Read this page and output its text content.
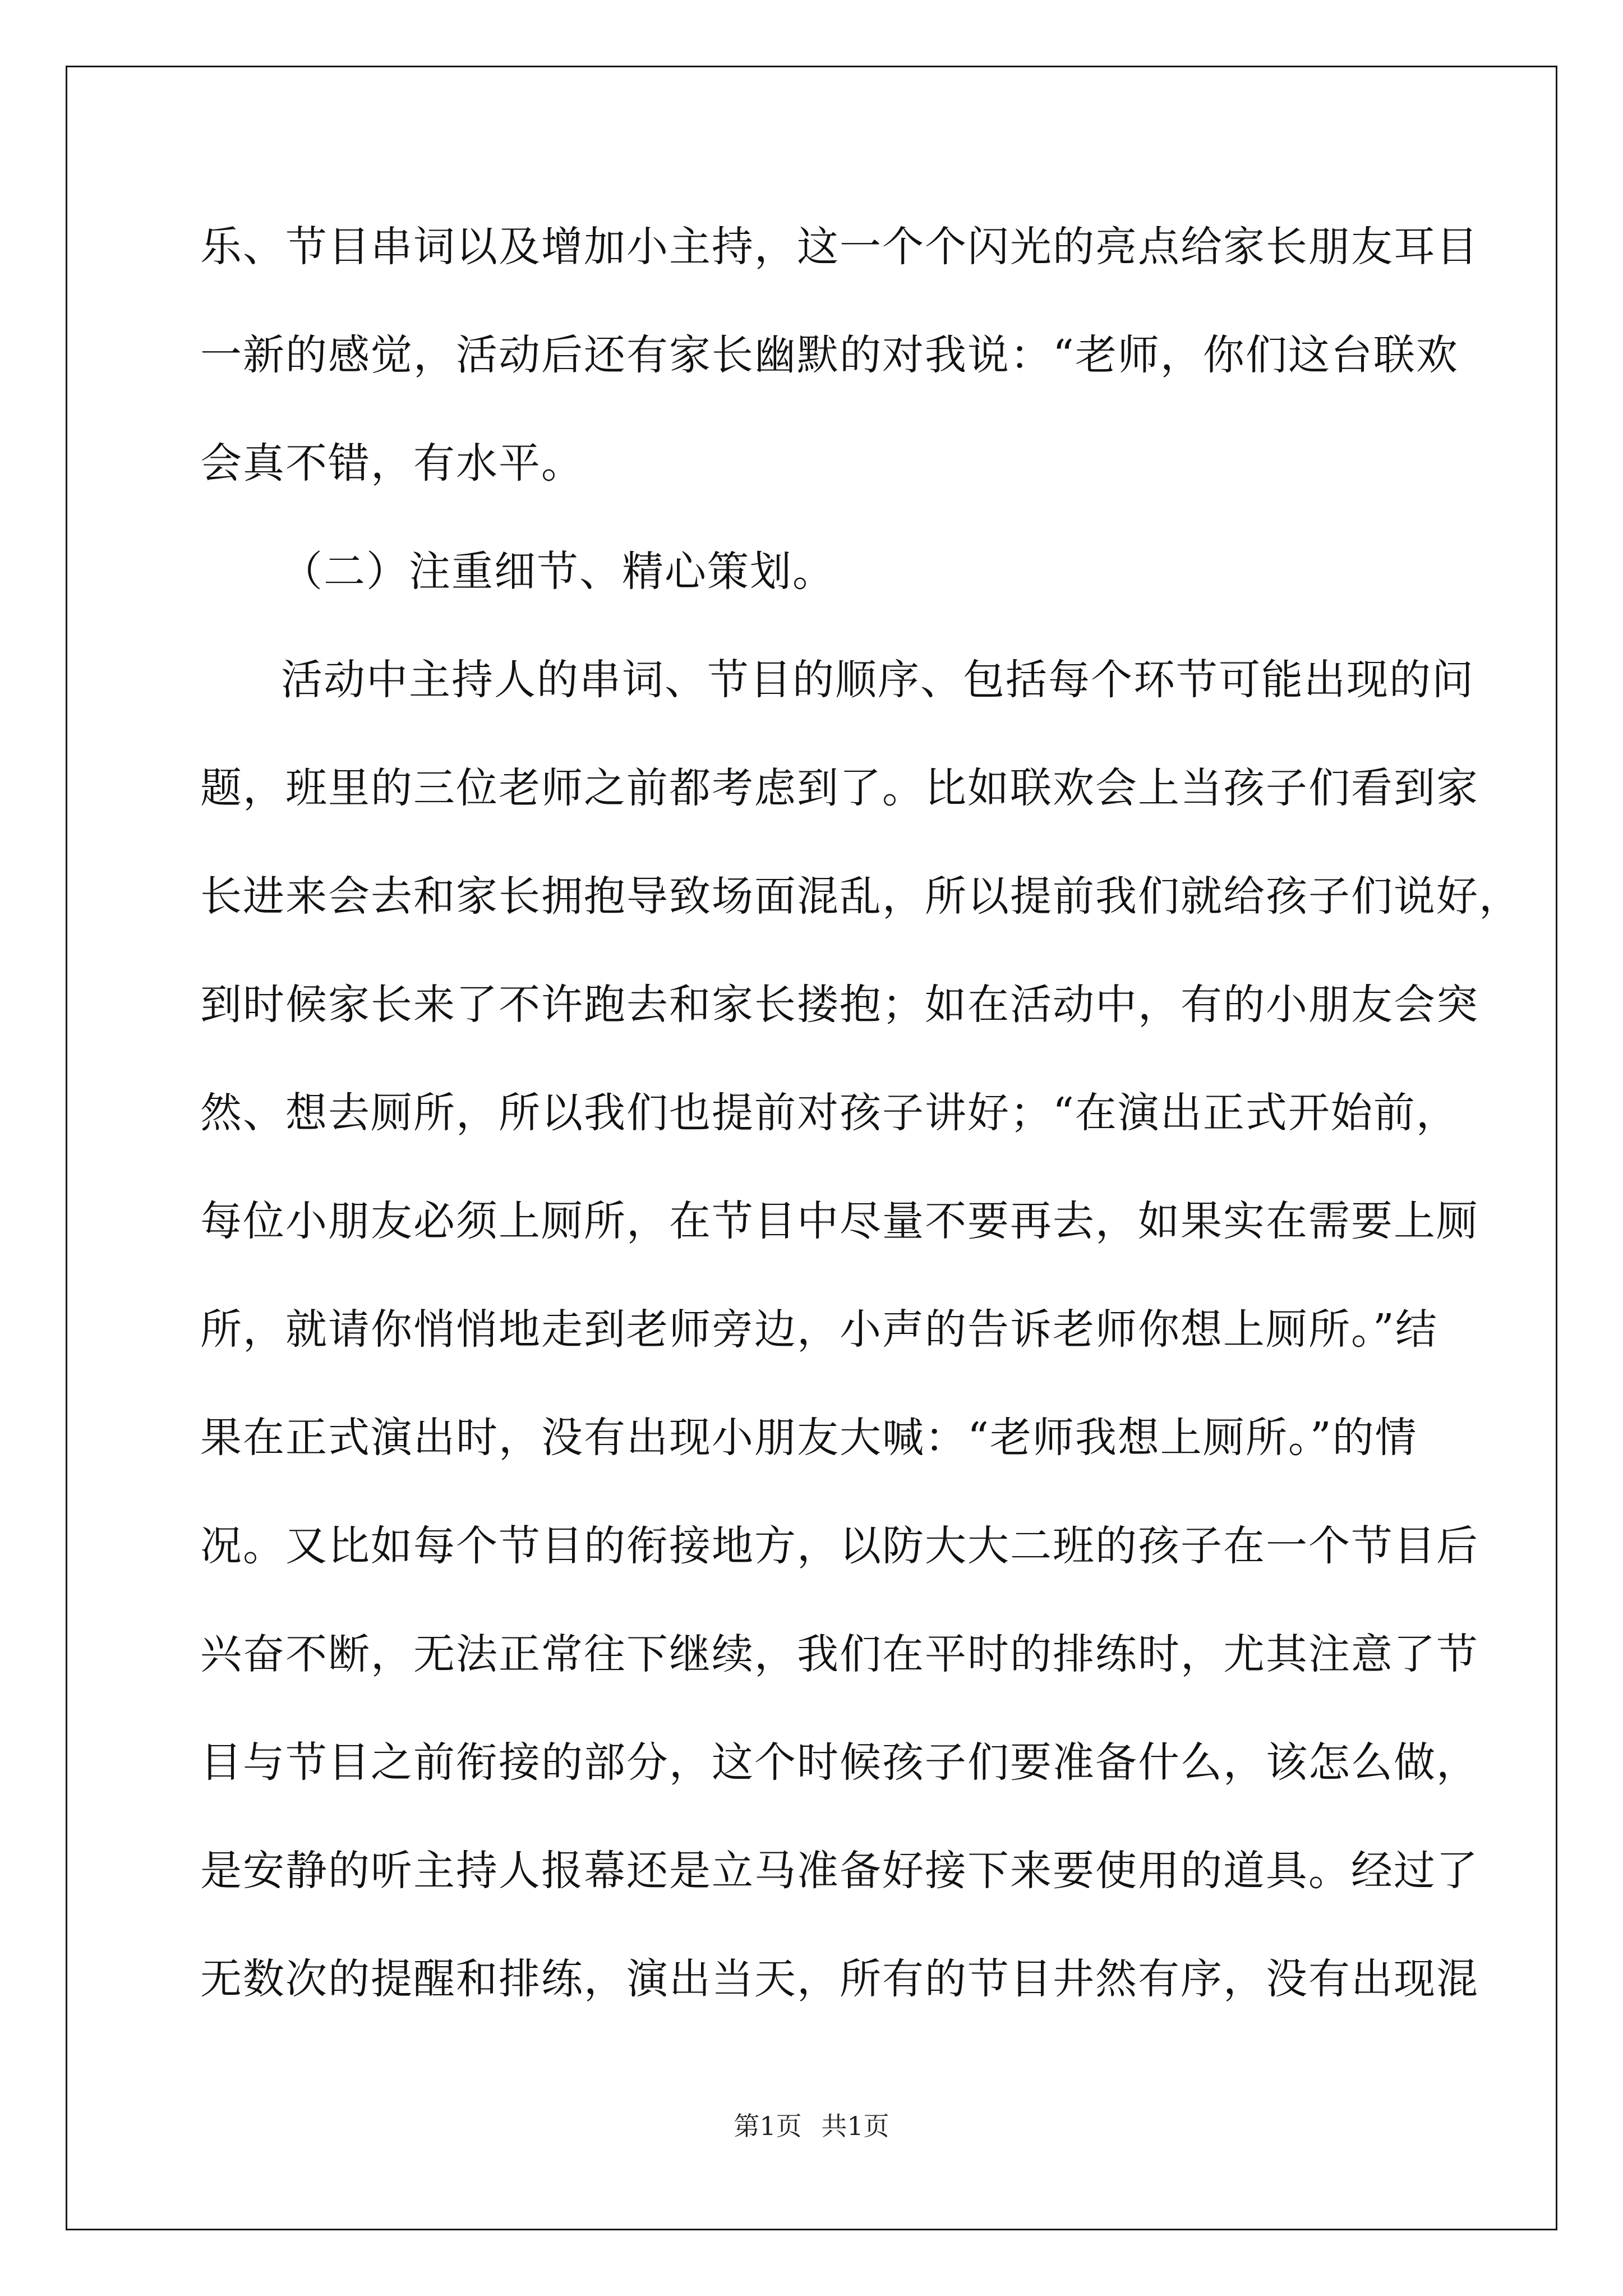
乐、节目串词以及增加小主持，这一个个闪光的亮点给家长朋友耳目
一新的感觉，活动后还有家长幽默的对我说：“老师，你们这台联欢
会真不错，有水平。
（二）注重细节、精心策划。
活动中主持人的串词、节目的顺序、包括每个环节可能出现的问
题，班里的三位老师之前都考虑到了。比如联欢会上当孩子们看到家
长进来会去和家长拥抱导致场面混乱，所以提前我们就给孩子们说好，
到时候家长来了不许跑去和家长搂抱；如在活动中，有的小朋友会突
然、想去厕所，所以我们也提前对孩子讲好；“在演出正式开始前，
每位小朋友必须上厕所，在节目中尽量不要再去，如果实在需要上厕
所，就请你悄悄地走到老师旁边，小声的告诉老师你想上厕所。”结
果在正式演出时，没有出现小朋友大喊：“老师我想上厕所。”的情
况。又比如每个节目的衔接地方，以防大大二班的孩子在一个节目后
兴奋不断，无法正常往下继续，我们在平时的排练时，尤其注意了节
目与节目之前衔接的部分，这个时候孩子们要准备什么，该怎么做，
是安静的听主持人报幕还是立马准备好接下来要使用的道具。经过了
无数次的提醒和排练，演出当天，所有的节目井然有序，没有出现混
第1页 共1页
